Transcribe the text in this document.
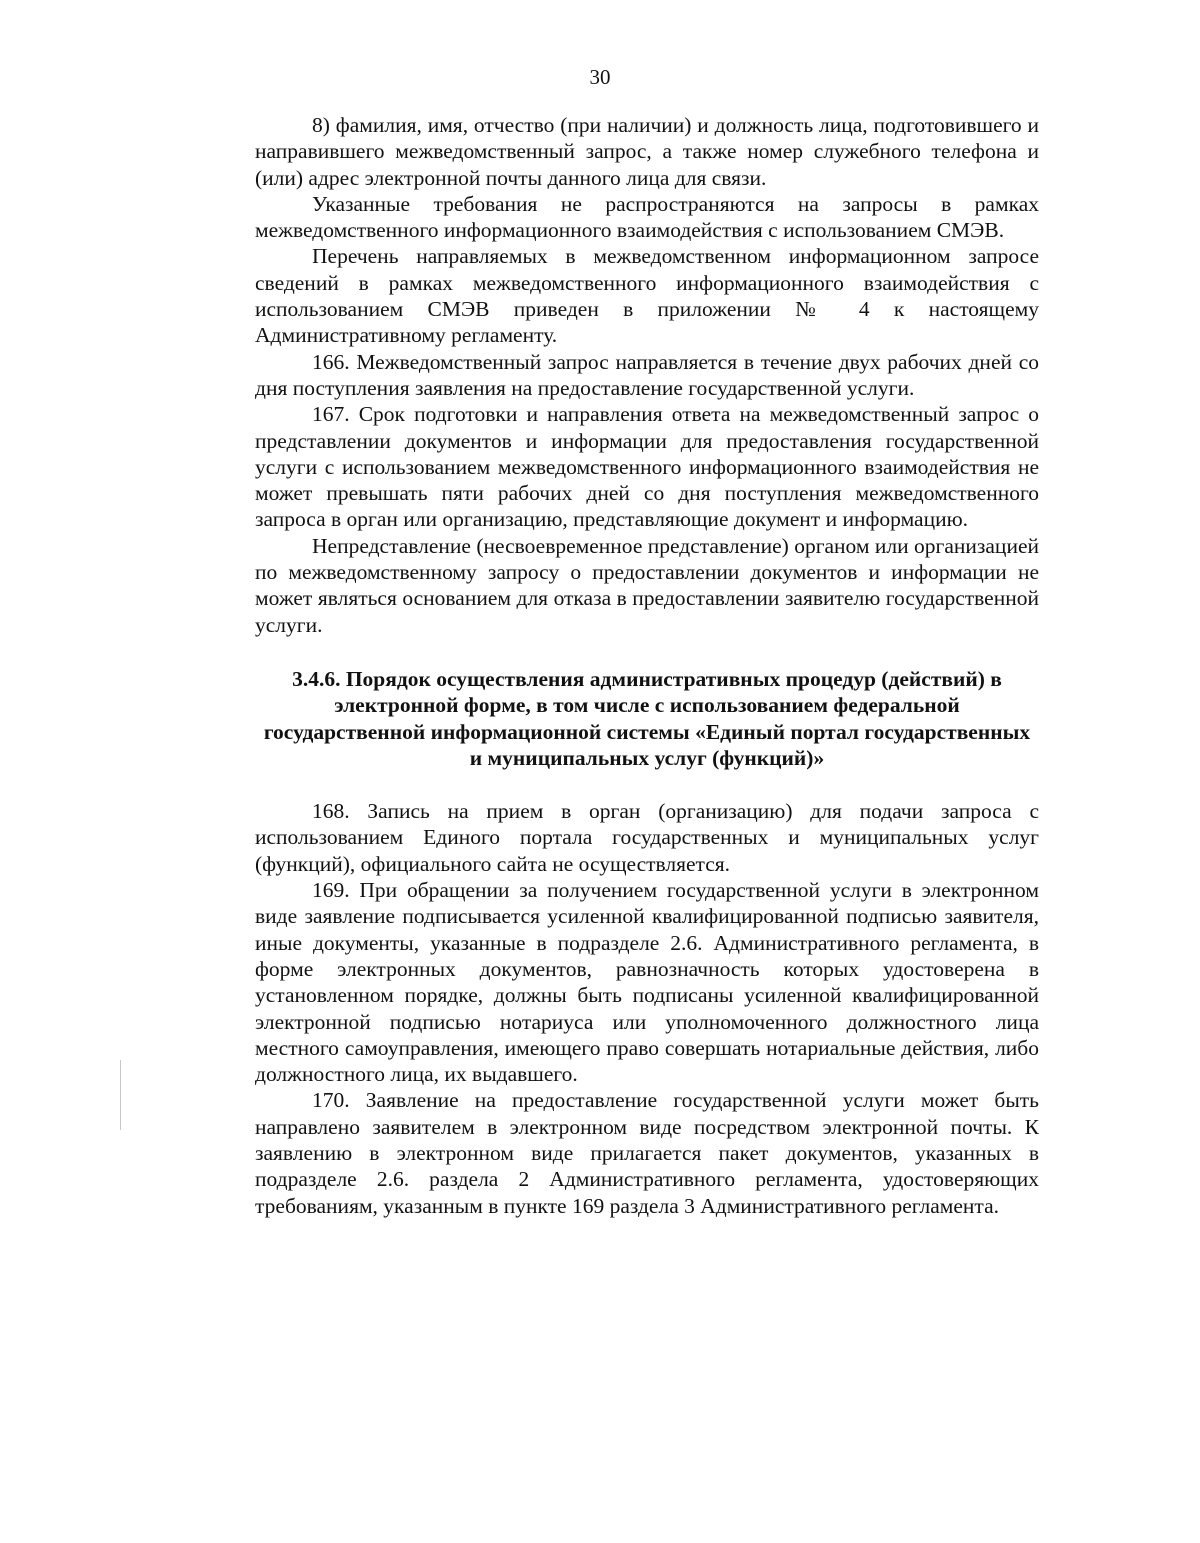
30

8) фамилия, имя, отчество (при наличии) и должность лица, подготовившего и направившего межведомственный запрос, а также номер служебного телефона и (или) адрес электронной почты данного лица для связи.

Указанные требования не распространяются на запросы в рамках межведомственного информационного взаимодействия с использованием СМЭВ.

Перечень направляемых в межведомственном информационном запросе сведений в рамках межведомственного информационного взаимодействия с использованием СМЭВ приведен в приложении № 4 к настоящему Административному регламенту.

166. Межведомственный запрос направляется в течение двух рабочих дней со дня поступления заявления на предоставление государственной услуги.

167. Срок подготовки и направления ответа на межведомственный запрос о представлении документов и информации для предоставления государственной услуги с использованием межведомственного информационного взаимодействия не может превышать пяти рабочих дней со дня поступления межведомственного запроса в орган или организацию, представляющие документ и информацию.

Непредставление (несвоевременное представление) органом или организацией по межведомственному запросу о предоставлении документов и информации не может являться основанием для отказа в предоставлении заявителю государственной услуги.

3.4.6. Порядок осуществления административных процедур (действий) в электронной форме, в том числе с использованием федеральной государственной информационной системы «Единый портал государственных и муниципальных услуг (функций)»

168. Запись на прием в орган (организацию) для подачи запроса с использованием Единого портала государственных и муниципальных услуг (функций), официального сайта не осуществляется.

169. При обращении за получением государственной услуги в электронном виде заявление подписывается усиленной квалифицированной подписью заявителя, иные документы, указанные в подразделе 2.6. Административного регламента, в форме электронных документов, равнозначность которых удостоверена в установленном порядке, должны быть подписаны усиленной квалифицированной электронной подписью нотариуса или уполномоченного должностного лица местного самоуправления, имеющего право совершать нотариальные действия, либо должностного лица, их выдавшего.

170. Заявление на предоставление государственной услуги может быть направлено заявителем в электронном виде посредством электронной почты. К заявлению в электронном виде прилагается пакет документов, указанных в подразделе 2.6. раздела 2 Административного регламента, удостоверяющих требованиям, указанным в пункте 169 раздела 3 Административного регламента.
